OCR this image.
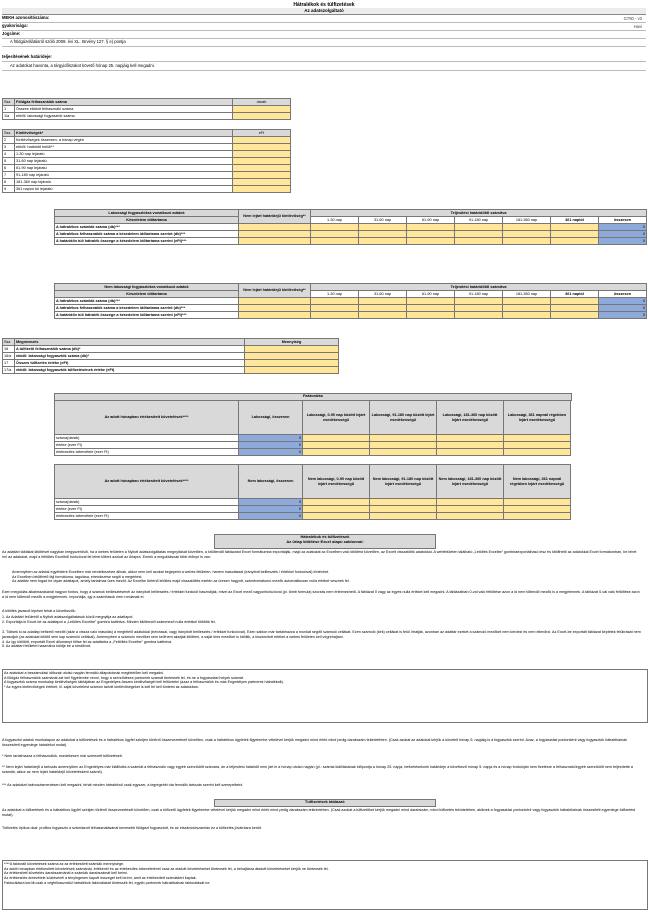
Hátralékok és túlfizetések
Az adatszolgáltató
MEKH azonosítószáma:	G780 - v3
gyakorisága:	Havi
Jogcíme:
A földgázellátásról szóló 2008. évi XL. törvény 127. § e) pontja
teljesítésének határideje:
Az adatokat havonta, a tárgyidőszakot követő hónap 25. napjáig kell megadni.
Ssz.	Földgáz felhasználók száma	darab
1	Összes ellátott felhasználó száma	
1/a	ebből: lakossági fogyasztók száma	
Ssz.	Kintlévőségek*	eFt
2	Kintlévőségek összesen, a hónap végén	
3	ebből: határidő belüli**	
4	1-30 nap lejáratú	
5	31-60 nap lejáratú	
6	61-90 nap lejáratú	
7	91-180 nap lejáratú	
8	181-360 nap lejáratú	
9	361 napon túl lejáratú	
Lakossági fogyasztókra vonatkozó adatok	Nem lejárt határidejű kintlévőség**	Teljesítési határidőtől számítva						
Késedelem időtartama		1-30 nap	31-60 nap	61-90 nap	91-180 nap	181-360 nap	361 naptól	összesen
A hátralékos számlák száma (db)***								0
A hátralékos felhasználók száma a késedelem időtartama szerint (db)***								0
A határidőn túli hátralék összege a késedelem időtartama szerint (eFt)***								0
Nem lakossági fogyasztókra vonatkozó adatok	Nem lejárt határidejű kintlévőség**	Teljesítési határidőtől számítva						
Késedelem időtartama		1-30 nap	31-60 nap	61-90 nap	91-180 nap	181-360 nap	361 naptól	összesen
A hátralékos számlák száma (db)***								0
A hátralékos felhasználók száma a késedelem időtartama szerint (db)***								0
A határidőn túli hátralék összege a késedelem időtartama szerint (eFt)***								0
Ssz.	Megnevezés	Mennyiség
16	A túlfizető felhasználók száma (db)*	
16/a	ebből: lakossági fogyasztók száma (db)*	
17	Összes túlfizetés értéke (eFt)	
17/a	ebből: lakossági fogyasztók túlfizetésének értéke (eFt)	
Faktorálás
Az adott hónapban értékesített követelések****	Lakossági, összesen	Lakossági, 0-90 nap között lejárt esedékességű	Lakossági, 91-180 nap között lejárt esedékességű	Lakossági, 181-360 nap között lejárt esedékességű	Lakossági, 361 napnál régebben lejárt esedékességű
száma(darab)	0				
értéke (ezer Ft)	0				
értékesítés árbevétele (ezer Ft)	0				
Az adott hónapban értékesített követelések****	Nem lakossági, összesen	Nem lakossági, 0-90 nap között lejárt esedékességű	Nem lakossági, 91-180 nap között lejárt esedékességű	Nem lakossági, 181-360 nap között lejárt esedékességű	Nem lakossági, 361 napnál régebben lejárt esedékességű
száma(darab)	0				
értéke (ezer Ft)	0				
értékesítés árbevétele (ezer Ft)	0				
Hátralékok és túlfizetések
Az űrlap kitöltése Excel alapú sablonnal:
Az adattári táblákat kitöltését nagyban leegyszerűsíti, ha a webes felületen a Nyitott adatszolgáltatás megnyitását követően, a kitöltendő táblázatot Excel formátumba exportálják, majd az adatokat az Excelben való kitöltést követően, az Excelt visszatöltik adatokkal. A webfelületen található „Letöltés Excelbe” gombbaexportálhasó lesz és kitölthető az adatokkal Excel formátumban, be lehet írni az adatokat, majd a feltöltés Excelből funkcióval fel lehet tölteni azokat az űrlapra. Ennek a megoldásnak több előnye is van:
Amennyiben az adatok egyébként Excelben már rendelkezésre állnak, akkor nem kell azokat begépelni a webes felületen, hanem másolással (irányított beillesztés / értékkel funkcióval) történhet.
Az Excelben letölthető fájl formátuma, tagolása, elrendezése segíti a megértést.
Az adattár nem fogad be olyan adatlapot, amely tartalmaz üres mezőt. Az Excelbe történő letöltés majd visszatöltés esetén az üresen hagyott, számformátumú mezők automatikusan nulla értéket vesznek fel.
Ezen megoldás alkalmazásánál nagyon fontos, hogy a számok beillesztésénél az irányított beillesztés / értékkel funkciót használják, mivel az Excel mező vagyonfunkcióval (pl. tömb formula) szorzás nem értelmezhető. A táblázat 0 vagy az egyes nulla értéket kell megadni. A táblázatban 0-val való feltöltése azon a id nem töltendő mezők is a megjelennek. A táblázat 0-val való feltöltése azon a id nem töltendő mezők a megjelennek. Importálja, így a számítások nem romlanak el.
A kitöltés javasolt lépései tehát a következők:
1. Az Adattári felületről a Nyitott adatszolgáltatások közül megnyitja az adatlapot.
2. Exportálja ki Excel-be az adatlapot a „Letöltés Excelbe” gombra kattintva. Minden kitöltendő számmező nulla értékkel töltődik fel.
3. Töltsék ki az adatlap befizető mezőit (akár a vissza való másolás) a megfelelő adatokkal (beírással, vagy irányított beillesztés / értékkel funkcióval). Ezen sablon már tartalmazza a munkát segítő számoló cellákat. Ezen számoló (kék) cellákat is felül írhatják, azonban az adattár ezeket a számoló mezőket nem kérdezi és nem ellenőrzi. Az Excel-be exportált táblázat képletek felülírását nem javasoljuk (az adatokat kitöltő sem kap számoló cellákat). Amennyiben a számoló mezőket nem kell/nem akarják kitölteni, a saját üres mezőket is kitöltik, a kiszámított értéket a webes felületen kell végrehajtani.
4. Az így kitöltött, exportált Excel állományt töltse fel az adattárba a „Feltöltés Excelbe” gombra kattintva.
5. Az adattári felületet használva küldje be a kérdőívet.
Az adatokat a beszámolási időszak utolsó napján fennálló állapotoknak megfelelően kell megadni.
A földgáz felhasználók számánál azt kell figyelembe venni, hogy a szerződéses partnerek számát tüntessék fel, és ne a fogyasztási helyek számát.
A fogyasztók száma munkalap kintlévőségek táblájában az Engedélyes összes kintlévőségét kell feltüntetni (azaz a felhasználók és más Engedélyes partnerek hátralékait).
* Az egyes kintlévőségek értékét, ill. saját követelést számon tartott kintlévőségeket is kell fel kell tüntetni az adatokban.
A fogyasztói adatok munkalapon az adatokat a túlfizetések és a hátralékos ügyfél szintjén történő összevezetését követően, csak a hátralékos ügyfelek figyelembe vételével kérjük megadni mind érték mind pedig darabszám tekintetében. (Csak azokat az adatokat kérjük a követelt hónap 5. napjáig is a fogyasztók szerint. Azaz, a fogyasztási pontonként vagy fogyasztók hátralékainak összesített egyenlege hátralékot mutat)
* Nem tartalmazza a felhasználók, esedékesen már szerezett túlfizetéseit.
** Nem lejárt határidejű a tartozás amennyiben az Engedélyes már kiállította a számlát a felhasználó vagy egyéb szerződött számára, de a teljesítési határidő nem járt le a hónap utolsó napján (pl.: számla kiállításának időpontja a hónap 25. napja, befizetéseknek határideje a következő hónap 5. napja és a hónap fordulóján nem fizetésre a felhasználó/egyéb szerződött nem teljesítette a számlát, akkor az nem lejárt határidejű követelésként számít).
*** Az adatokat halmozásmentesen kell megadni, tehát minden hátralékról csak egyszer, a legrégebbi óta fennálló tartozás szerint kell szerepeltetni.
Túlfizetések táblázat:
Az adatokat a túlfizetések és a hátralékos ügyfél szintjén történő összevezetését követően, csak a túlfizető ügyfelek figyelembe vételével kérjük megadni mind érték mind pedig darabszám tekintetében. (Csak azokat a túlfizetőket kérjük megadni mind darabszám, mind túlfizetés tekintetében, akiknek a fogyasztási pontonként vagy fogyasztók hátralékainak összesített egyenlege túlfizetést mutat).
Túlfizetés típikus okai: profilos fogyasztó a számlázott felhasználásánál kevesebb földgázt fogyasztott, és az elszámolószámlán ez a túlfizetés jóváírásra került.
****A faktorált követelések száma az az értékesített számlák mennyisége.
Az adott hónapban értékesített követelések számánál, értékénél és az értékesítés árbevételénél csak az eladott követeléseket tüntessék fel, a behajtásra átadott követeléseket kérjük ne tüntessék fel.
Az értékesített követelés darabszámánál a számlák darabszámát kell beírni.
Az értékesítés árbevétele közlésénél a ténylegesen kapott összeget kell beírni, amit az értékesített számlákért kaptak.
Faktorálásra került csak a végfelhasználói hátralékok faktorálását tüntessék fel, egyéb partnerek hátralékainak faktorálását ne.
